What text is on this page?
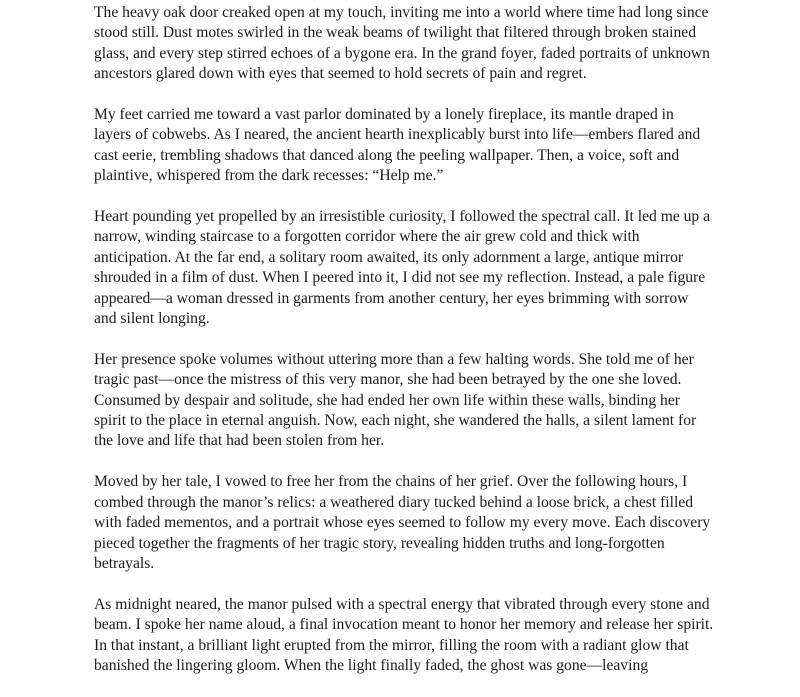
The heavy oak door creaked open at my touch, inviting me into a world where time had long since stood still. Dust motes swirled in the weak beams of twilight that filtered through broken stained glass, and every step stirred echoes of a bygone era. In the grand foyer, faded portraits of unknown ancestors glared down with eyes that seemed to hold secrets of pain and regret.

My feet carried me toward a vast parlor dominated by a lonely fireplace, its mantle draped in layers of cobwebs. As I neared, the ancient hearth inexplicably burst into life—embers flared and cast eerie, trembling shadows that danced along the peeling wallpaper. Then, a voice, soft and plaintive, whispered from the dark recesses: “Help me.”

Heart pounding yet propelled by an irresistible curiosity, I followed the spectral call. It led me up a narrow, winding staircase to a forgotten corridor where the air grew cold and thick with anticipation. At the far end, a solitary room awaited, its only adornment a large, antique mirror shrouded in a film of dust. When I peered into it, I did not see my reflection. Instead, a pale figure appeared—a woman dressed in garments from another century, her eyes brimming with sorrow and silent longing.

Her presence spoke volumes without uttering more than a few halting words. She told me of her tragic past—once the mistress of this very manor, she had been betrayed by the one she loved. Consumed by despair and solitude, she had ended her own life within these walls, binding her spirit to the place in eternal anguish. Now, each night, she wandered the halls, a silent lament for the love and life that had been stolen from her.

Moved by her tale, I vowed to free her from the chains of her grief. Over the following hours, I combed through the manor’s relics: a weathered diary tucked behind a loose brick, a chest filled with faded mementos, and a portrait whose eyes seemed to follow my every move. Each discovery pieced together the fragments of her tragic story, revealing hidden truths and long-forgotten betrayals.

As midnight neared, the manor pulsed with a spectral energy that vibrated through every stone and beam. I spoke her name aloud, a final invocation meant to honor her memory and release her spirit. In that instant, a brilliant light erupted from the mirror, filling the room with a radiant glow that banished the lingering gloom. When the light finally faded, the ghost was gone—leaving
